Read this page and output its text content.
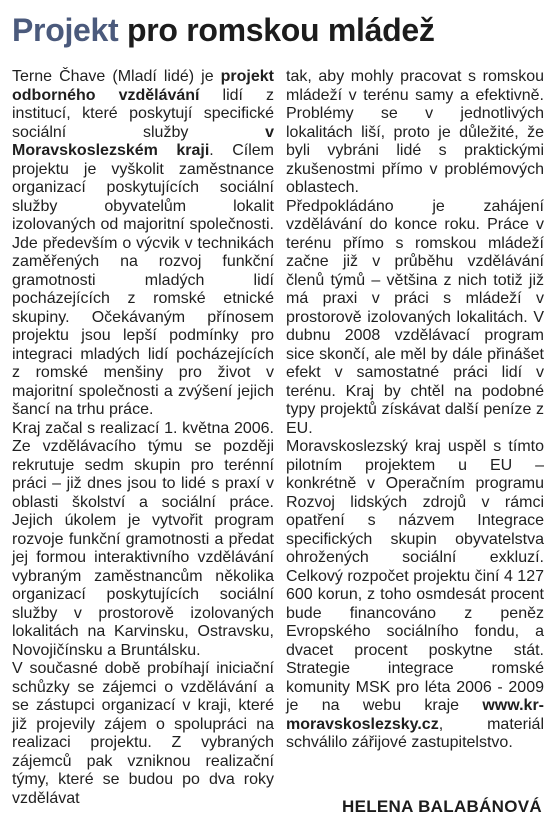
Projekt pro romskou mládež

Terne Čhave (Mladí lidé) je projekt odborného vzdělávání lidí z institucí, které poskytují specifické sociální služby v Moravskoslezském kraji. Cílem projektu je vyškolit zaměstnance organizací poskytujících sociální služby obyvatelům lokalit izolovaných od majoritní společnosti. Jde především o výcvik v technikách zaměřených na rozvoj funkční gramotnosti mladých lidí pocházejících z romské etnické skupiny. Očekávaným přínosem projektu jsou lepší podmínky pro integraci mladých lidí pocházejících z romské menšiny pro život v majoritní společnosti a zvýšení jejich šancí na trhu práce.

Kraj začal s realizací 1. května 2006. Ze vzdělávacího týmu se později rekrutuje sedm skupin pro terénní práci – již dnes jsou to lidé s praxí v oblasti školství a sociální práce. Jejich úkolem je vytvořit program rozvoje funkční gramotnosti a předat jej formou interaktivního vzdělávání vybraným zaměstnancům několika organizací poskytujících sociální služby v prostorově izolovaných lokalitách na Karvinsku, Ostravsku, Novojičínsku a Bruntálsku.

V současné době probíhají iniciační schůzky se zájemci o vzdělávání a se zástupci organizací v kraji, které již projevily zájem o spolupráci na realizaci projektu. Z vybraných zájemců pak vzniknou realizační týmy, které se budou po dva roky vzdělávat

tak, aby mohly pracovat s romskou mládeží v terénu samy a efektivně. Problémy se v jednotlivých lokalitách liší, proto je důležité, že byli vybráni lidé s praktickými zkušenostmi přímo v problémových oblastech.

Předpokládáno je zahájení vzdělávání do konce roku. Práce v terénu přímo s romskou mládeží začne již v průběhu vzdělávání členů týmů – většina z nich totiž již má praxi v práci s mládeží v prostorově izolovaných lokalitách. V dubnu 2008 vzdělávací program sice skončí, ale měl by dále přinášet efekt v samostatné práci lidí v terénu. Kraj by chtěl na podobné typy projektů získávat další peníze z EU.

Moravskoslezský kraj uspěl s tímto pilotním projektem u EU – konkrétně v Operačním programu Rozvoj lidských zdrojů v rámci opatření s názvem Integrace specifických skupin obyvatelstva ohrožených sociální exkluzí. Celkový rozpočet projektu činí 4 127 600 korun, z toho osmdesát procent bude financováno z peněz Evropského sociálního fondu, a dvacet procent poskytne stát. Strategie integrace romské komunity MSK pro léta 2006 - 2009 je na webu kraje www.kr-moravskoslezsky.cz, materiál schválilo zářijové zastupitelstvo.

HELENA BALABÁNOVÁ
